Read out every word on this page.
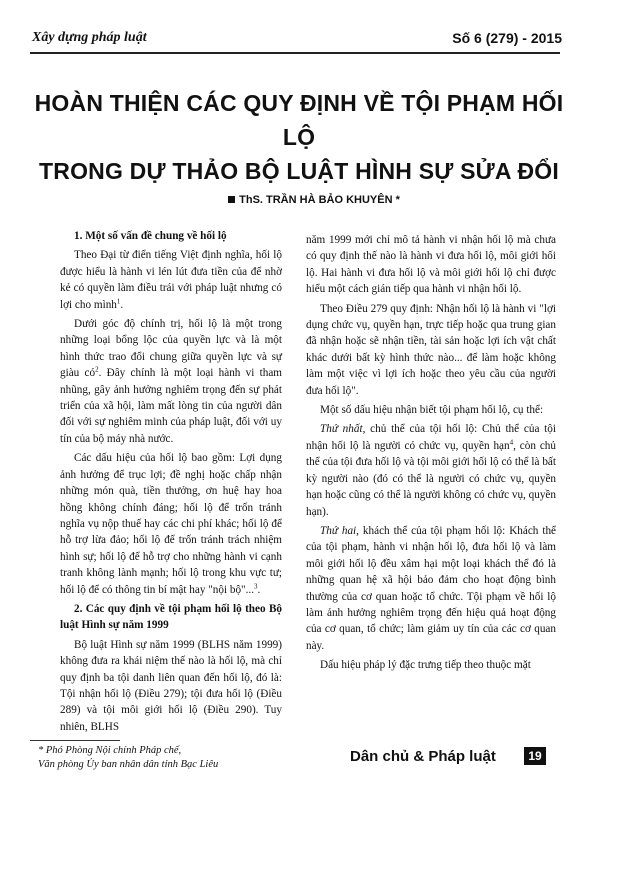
Xây dựng pháp luật	Số 6 (279) - 2015
HOÀN THIỆN CÁC QUY ĐỊNH VỀ TỘI PHẠM HỐI LỘ
TRONG DỰ THẢO BỘ LUẬT HÌNH SỰ SỬA ĐỔI
ThS. TRẦN HÀ BẢO KHUYÊN *

1. Một số vấn đề chung về hối lộ

Theo Đại từ điển tiếng Việt định nghĩa, hối lộ được hiểu là hành vi lén lút đưa tiền của để nhờ kẻ có quyền làm điều trái với pháp luật nhưng có lợi cho mình$^1$.

Dưới góc độ chính trị, hối lộ là một trong những loại bổng lộc của quyền lực và là một hình thức trao đổi chung giữa quyền lực và sự giàu $có^2$. Đây chính là một loại hành vi tham nhũng, gây ảnh hưởng nghiêm trọng đến sự phát triển của xã hội, làm mất lòng tin của người dân đối với sự nghiêm minh của pháp luật, đối với uy tín của bộ máy nhà nước.

Các dấu hiệu của hối lộ bao gồm: Lợi dụng ảnh hưởng để trục lợi; đề nghị hoặc chấp nhận những món quà, tiền thưởng, ơn huệ hay hoa hồng không chính đáng; hối lộ để trốn tránh nghĩa vụ nộp thuế hay các chi phí khác; hối lộ để hỗ trợ lừa đảo; hối lộ để trốn tránh trách nhiệm hình sự; hối lộ để hỗ trợ cho những hành vi cạnh tranh không lành mạnh; hối lộ trong khu vực tư; hối lộ để có thông tin bí mật hay "nội bộ"...$^3$.

2. Các quy định về tội phạm hối lộ theo Bộ luật Hình sự năm 1999

Bộ luật Hình sự năm 1999 (BLHS năm 1999) không đưa ra khái niệm thế nào là hối lộ, mà chỉ quy định ba tội danh liên quan đến hối lộ, đó là: Tội nhận hối lộ (Điều 279); tội đưa hối lộ (Điều 289) và tội môi giới hối lộ (Điều 290). Tuy nhiên, BLHS

năm 1999 mới chỉ mô tả hành vi nhận hối lộ mà chưa có quy định thế nào là hành vi đưa hối lộ, môi giới hối lộ. Hai hành vi đưa hối lộ và môi giới hối lộ chỉ được hiểu một cách gián tiếp qua hành vi nhận hối lộ.

Theo Điều 279 quy định: Nhận hối lộ là hành vi "lợi dụng chức vụ, quyền hạn, trực tiếp hoặc qua trung gian đã nhận hoặc sẽ nhận tiền, tài sản hoặc lợi ích vật chất khác dưới bất kỳ hình thức nào... để làm hoặc không làm một việc vì lợi ích hoặc theo yêu cầu của người đưa hối lộ".

Một số dấu hiệu nhận biết tội phạm hối lộ, cụ thể:

Thứ nhất, chủ thể của tội hối lộ: Chủ thể của tội nhận hối lộ là người có chức vụ, quyền hạn$^4$, còn chủ thể của tội đưa hối lộ và tội môi giới hối lộ có thể là bất kỳ người nào (đó có thể là người có chức vụ, quyền hạn hoặc cũng có thể là người không có chức vụ, quyền hạn).

Thứ hai, khách thể của tội phạm hối lộ: Khách thể của tội phạm, hành vi nhận hối lộ, đưa hối lộ và làm môi giới hối lộ đều xâm hại một loại khách thể đó là những quan hệ xã hội bảo đảm cho hoạt động bình thường của cơ quan hoặc tổ chức. Tội phạm về hối lộ làm ảnh hưởng nghiêm trọng đến hiệu quả hoạt động của cơ quan, tổ chức; làm giảm uy tín của các cơ quan này.

Dấu hiệu pháp lý đặc trưng tiếp theo thuộc mặt

* Phó Phòng Nội chính Pháp chế,
Văn phòng Ủy ban nhân dân tỉnh Bạc Liêu	Dân chủ & Pháp luật	19
